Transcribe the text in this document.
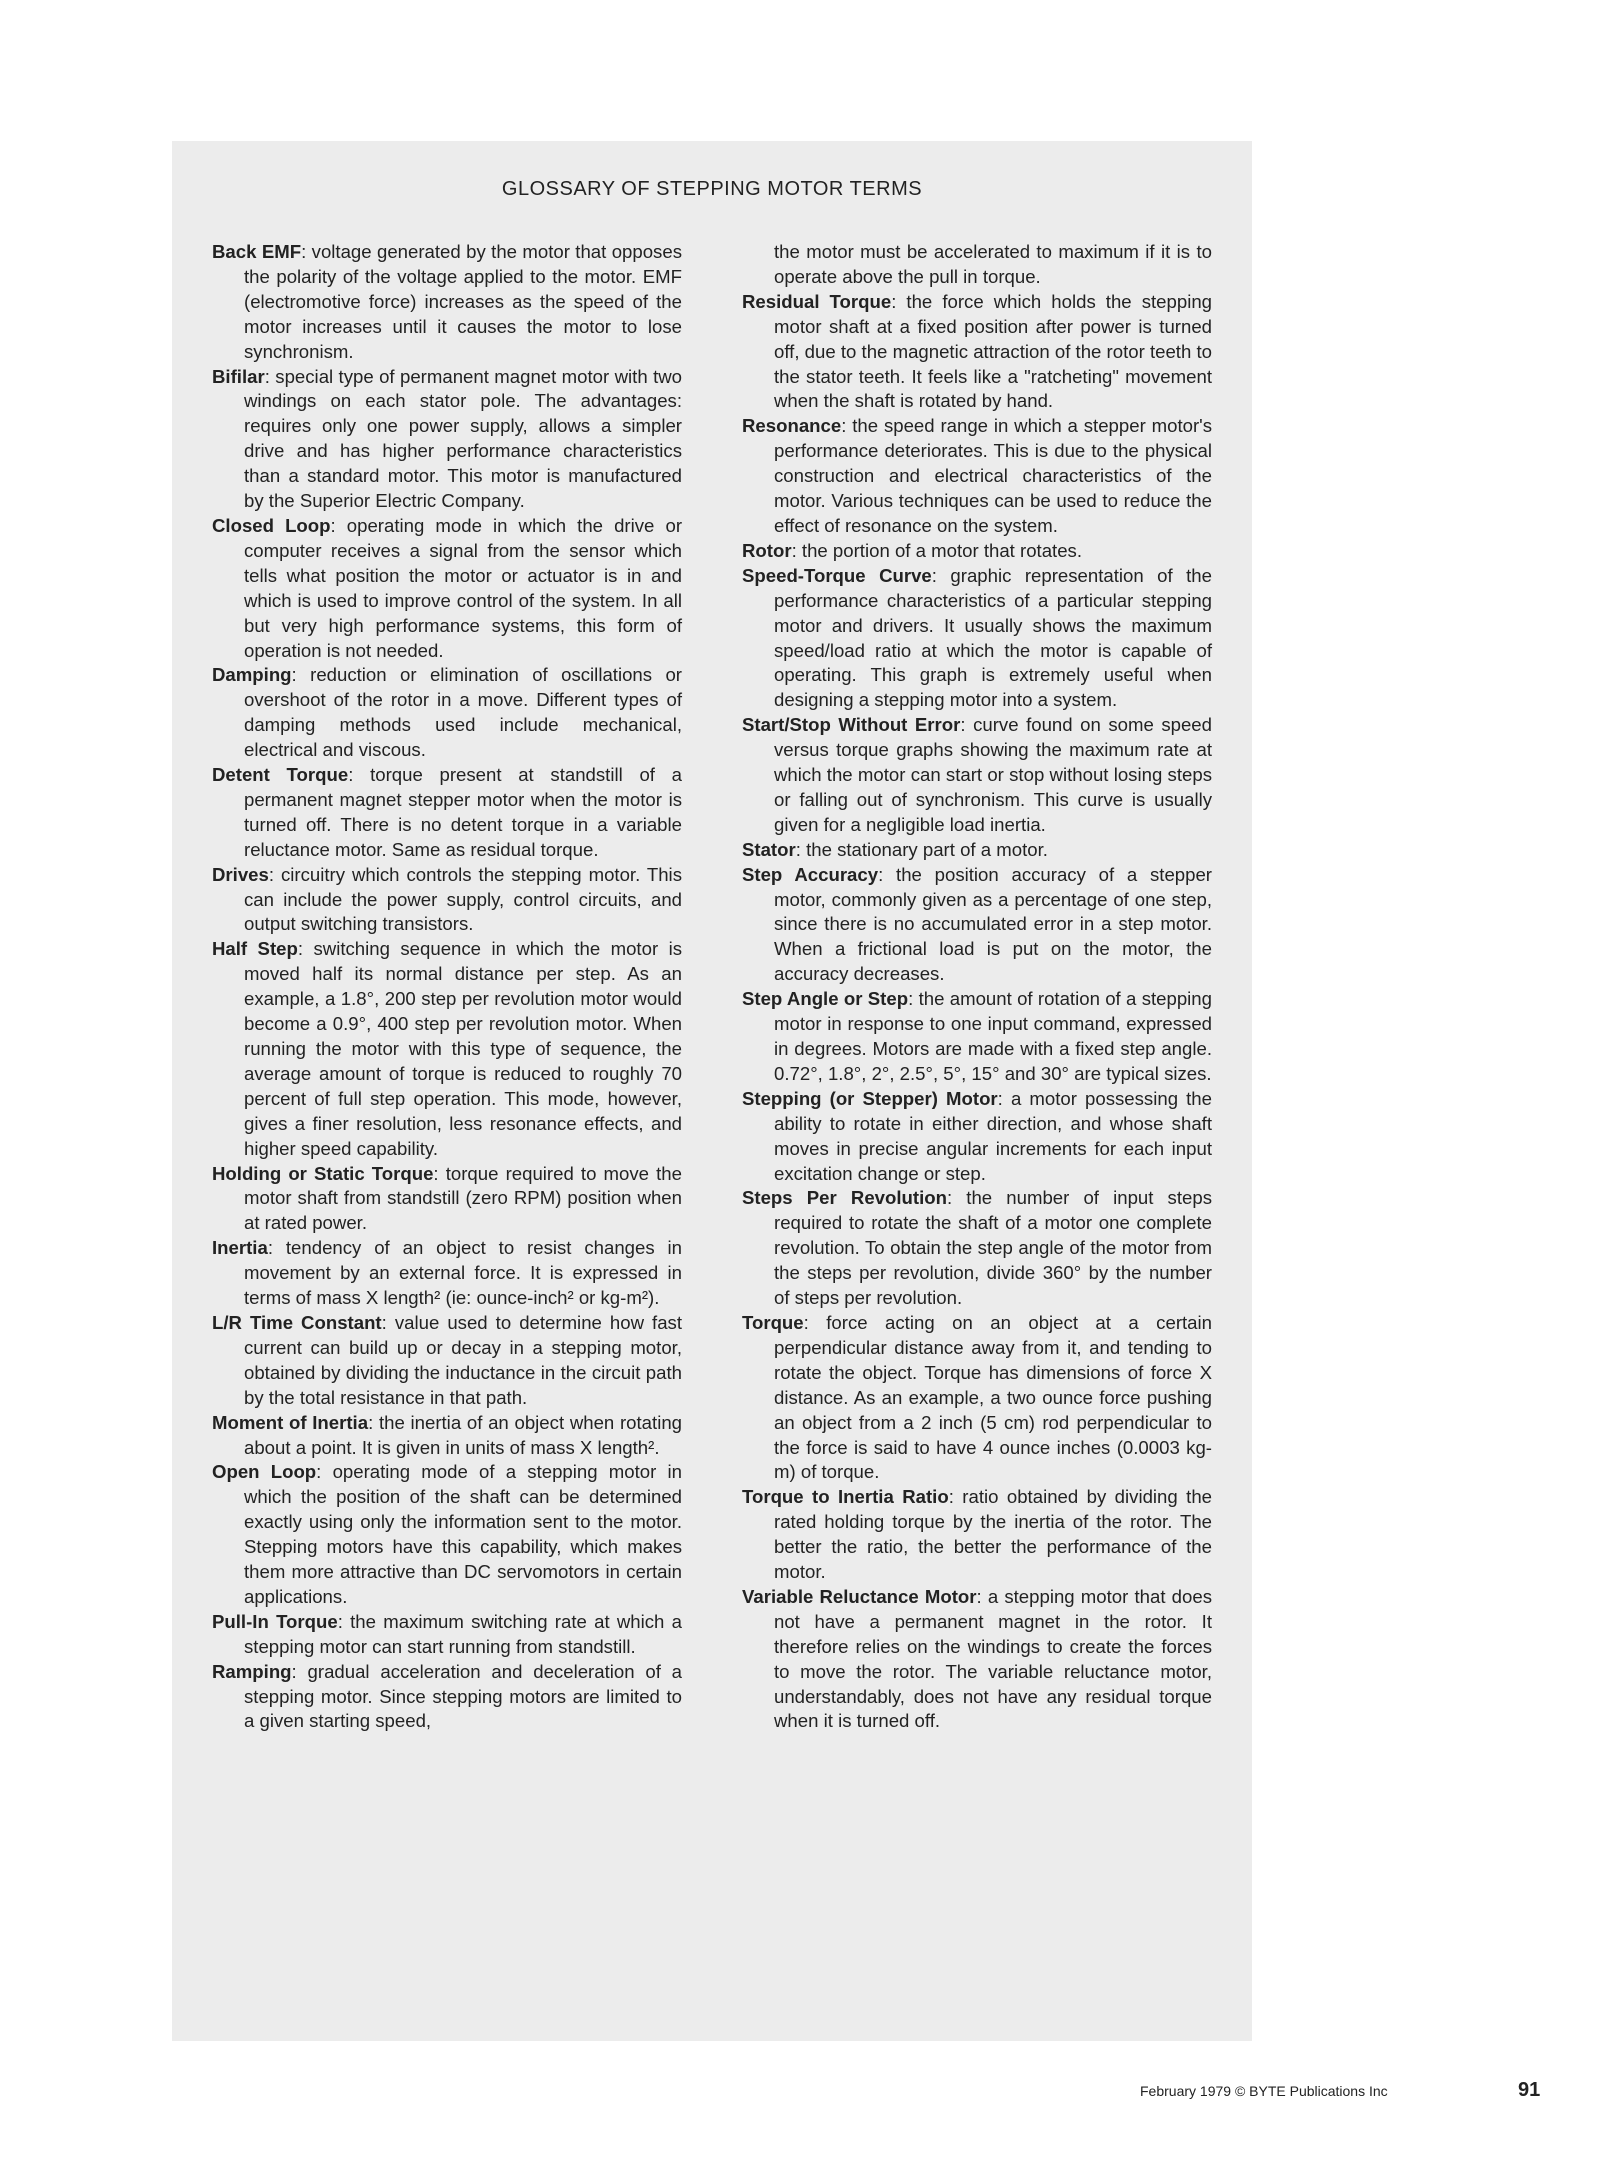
GLOSSARY OF STEPPING MOTOR TERMS

Back EMF: voltage generated by the motor that opposes the polarity of the voltage applied to the motor. EMF (electromotive force) increases as the speed of the motor increases until it causes the motor to lose synchronism.

Bifilar: special type of permanent magnet motor with two windings on each stator pole. The advantages: requires only one power supply, allows a simpler drive and has higher performance characteristics than a standard motor. This motor is manufactured by the Superior Electric Company.

Closed Loop: operating mode in which the drive or computer receives a signal from the sensor which tells what position the motor or actuator is in and which is used to improve control of the system. In all but very high performance systems, this form of operation is not needed.

Damping: reduction or elimination of oscillations or overshoot of the rotor in a move. Different types of damping methods used include mechanical, electrical and viscous.

Detent Torque: torque present at standstill of a permanent magnet stepper motor when the motor is turned off. There is no detent torque in a variable reluctance motor. Same as residual torque.

Drives: circuitry which controls the stepping motor. This can include the power supply, control circuits, and output switching transistors.

Half Step: switching sequence in which the motor is moved half its normal distance per step. As an example, a 1.8°, 200 step per revolution motor would become a 0.9°, 400 step per revolution motor. When running the motor with this type of sequence, the average amount of torque is reduced to roughly 70 percent of full step operation. This mode, however, gives a finer resolution, less resonance effects, and higher speed capability.

Holding or Static Torque: torque required to move the motor shaft from standstill (zero RPM) position when at rated power.

Inertia: tendency of an object to resist changes in movement by an external force. It is expressed in terms of mass X length² (ie: ounce-inch² or kg-m²).

L/R Time Constant: value used to determine how fast current can build up or decay in a stepping motor, obtained by dividing the inductance in the circuit path by the total resistance in that path.

Moment of Inertia: the inertia of an object when rotating about a point. It is given in units of mass X length².

Open Loop: operating mode of a stepping motor in which the position of the shaft can be determined exactly using only the information sent to the motor. Stepping motors have this capability, which makes them more attractive than DC servomotors in certain applications.

Pull-In Torque: the maximum switching rate at which a stepping motor can start running from standstill.

Ramping: gradual acceleration and deceleration of a stepping motor. Since stepping motors are limited to a given starting speed,

the motor must be accelerated to maximum if it is to operate above the pull in torque.

Residual Torque: the force which holds the stepping motor shaft at a fixed position after power is turned off, due to the magnetic attraction of the rotor teeth to the stator teeth. It feels like a "ratcheting" movement when the shaft is rotated by hand.

Resonance: the speed range in which a stepper motor's performance deteriorates. This is due to the physical construction and electrical characteristics of the motor. Various techniques can be used to reduce the effect of resonance on the system.

Rotor: the portion of a motor that rotates.

Speed-Torque Curve: graphic representation of the performance characteristics of a particular stepping motor and drivers. It usually shows the maximum speed/load ratio at which the motor is capable of operating. This graph is extremely useful when designing a stepping motor into a system.

Start/Stop Without Error: curve found on some speed versus torque graphs showing the maximum rate at which the motor can start or stop without losing steps or falling out of synchronism. This curve is usually given for a negligible load inertia.

Stator: the stationary part of a motor.

Step Accuracy: the position accuracy of a stepper motor, commonly given as a percentage of one step, since there is no accumulated error in a step motor. When a frictional load is put on the motor, the accuracy decreases.

Step Angle or Step: the amount of rotation of a stepping motor in response to one input command, expressed in degrees. Motors are made with a fixed step angle. 0.72°, 1.8°, 2°, 2.5°, 5°, 15° and 30° are typical sizes.

Stepping (or Stepper) Motor: a motor possessing the ability to rotate in either direction, and whose shaft moves in precise angular increments for each input excitation change or step.

Steps Per Revolution: the number of input steps required to rotate the shaft of a motor one complete revolution. To obtain the step angle of the motor from the steps per revolution, divide 360° by the number of steps per revolution.

Torque: force acting on an object at a certain perpendicular distance away from it, and tending to rotate the object. Torque has dimensions of force X distance. As an example, a two ounce force pushing an object from a 2 inch (5 cm) rod perpendicular to the force is said to have 4 ounce inches (0.0003 kg-m) of torque.

Torque to Inertia Ratio: ratio obtained by dividing the rated holding torque by the inertia of the rotor. The better the ratio, the better the performance of the motor.

Variable Reluctance Motor: a stepping motor that does not have a permanent magnet in the rotor. It therefore relies on the windings to create the forces to move the rotor. The variable reluctance motor, understandably, does not have any residual torque when it is turned off.

February 1979 © BYTE Publications Inc	91
